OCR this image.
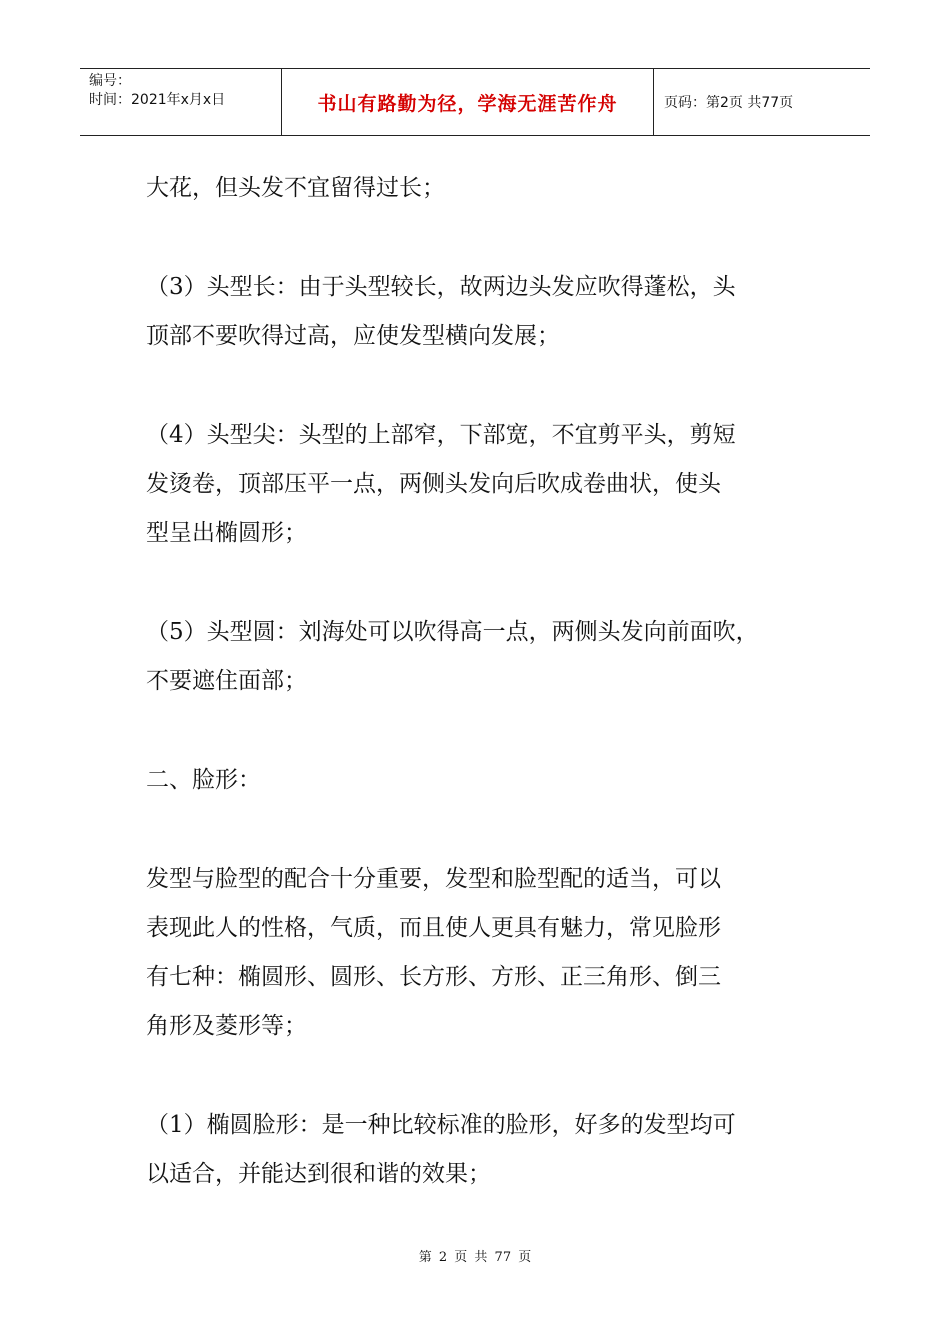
编号：
时间：2021年x月x日	书山有路勤为径，学海无涯苦作舟	页码：第2页 共77页

大花，但头发不宜留得过长；

（3）头型长：由于头型较长，故两边头发应吹得蓬松，头
顶部不要吹得过高，应使发型横向发展；

（4）头型尖：头型的上部窄，下部宽，不宜剪平头，剪短
发烫卷，顶部压平一点，两侧头发向后吹成卷曲状，使头
型呈出椭圆形；

（5）头型圆：刘海处可以吹得高一点，两侧头发向前面吹，
不要遮住面部；

二、脸形：

发型与脸型的配合十分重要，发型和脸型配的适当，可以
表现此人的性格，气质，而且使人更具有魅力，常见脸形
有七种：椭圆形、圆形、长方形、方形、正三角形、倒三
角形及菱形等；

（1）椭圆脸形：是一种比较标准的脸形，好多的发型均可
以适合，并能达到很和谐的效果；

第 2 页 共 77 页
